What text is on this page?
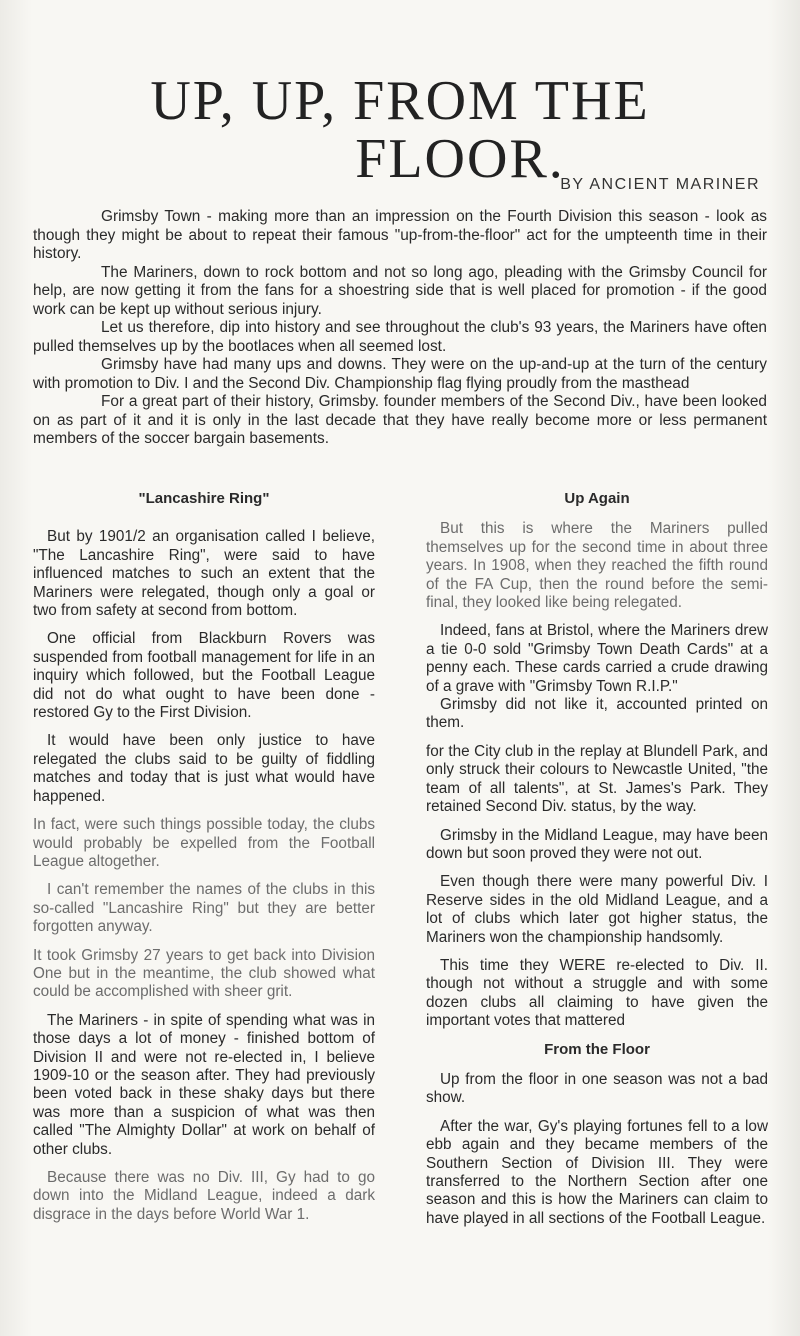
UP, UP, FROM THE
FLOOR.
BY ANCIENT MARINER

Grimsby Town - making more than an impression on the Fourth Division this season - look as though they might be about to repeat their famous "up-from-the-floor" act for the umpteenth time in their history.

The Mariners, down to rock bottom and not so long ago, pleading with the Grimsby Council for help, are now getting it from the fans for a shoestring side that is well placed for promotion - if the good work can be kept up without serious injury.

Let us therefore, dip into history and see throughout the club's 93 years, the Mariners have often pulled themselves up by the bootlaces when all seemed lost.

Grimsby have had many ups and downs. They were on the up-and-up at the turn of the century with promotion to Div. I and the Second Div. Championship flag flying proudly from the masthead

For a great part of their history, Grimsby. founder members of the Second Div., have been looked on as part of it and it is only in the last decade that they have really become more or less permanent members of the soccer bargain basements.

"Lancashire Ring"

But by 1901/2 an organisation called I believe, "The Lancashire Ring", were said to have influenced matches to such an extent that the Mariners were relegated, though only a goal or two from safety at second from bottom.

One official from Blackburn Rovers was suspended from football management for life in an inquiry which followed, but the Football League did not do what ought to have been done - restored Gy to the First Division.

It would have been only justice to have relegated the clubs said to be guilty of fiddling matches and today that is just what would have happened.

In fact, were such things possible today, the clubs would probably be expelled from the Football League altogether.

I can't remember the names of the clubs in this so-called "Lancashire Ring" but they are better forgotten anyway.

It took Grimsby 27 years to get back into Division One but in the meantime, the club showed what could be accomplished with sheer grit.

The Mariners - in spite of spending what was in those days a lot of money - finished bottom of Division II and were not re-elected in, I believe 1909-10 or the season after. They had previously been voted back in these shaky days but there was more than a suspicion of what was then called "The Almighty Dollar" at work on behalf of other clubs.

Because there was no Div. III, Gy had to go down into the Midland League, indeed a dark disgrace in the days before World War 1.

Up Again

But this is where the Mariners pulled themselves up for the second time in about three years. In 1908, when they reached the fifth round of the FA Cup, then the round before the semi-final, they looked like being relegated.

Indeed, fans at Bristol, where the Mariners drew a tie 0-0 sold "Grimsby Town Death Cards" at a penny each. These cards carried a crude drawing of a grave with "Grimsby Town R.I.P."

Grimsby did not like it, accounted printed on them.

for the City club in the replay at Blundell Park, and only struck their colours to Newcastle United, "the team of all talents", at St. James's Park. They retained Second Div. status, by the way.

Grimsby in the Midland League, may have been down but soon proved they were not out.

Even though there were many powerful Div. I Reserve sides in the old Midland League, and a lot of clubs which later got higher status, the Mariners won the championship handsomly.

This time they WERE re-elected to Div. II. though not without a struggle and with some dozen clubs all claiming to have given the important votes that mattered

From the Floor

Up from the floor in one season was not a bad show.

After the war, Gy's playing fortunes fell to a low ebb again and they became members of the Southern Section of Division III. They were transferred to the Northern Section after one season and this is how the Mariners can claim to have played in all sections of the Football League.
